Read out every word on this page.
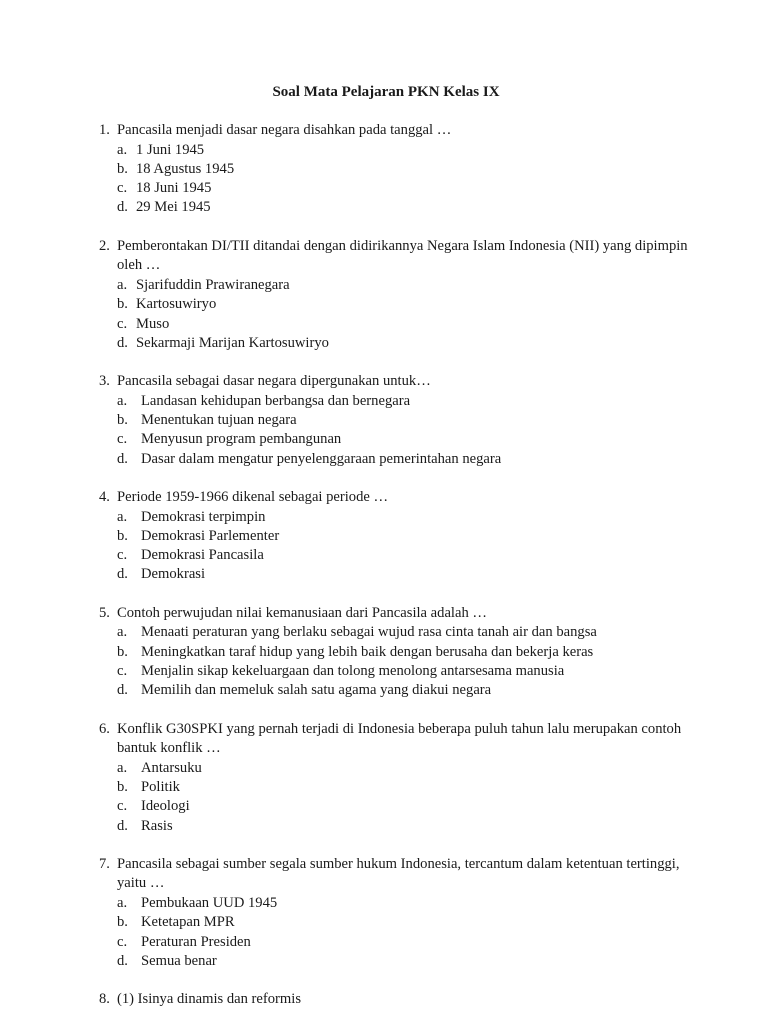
Soal Mata Pelajaran PKN Kelas IX
1. Pancasila menjadi dasar negara disahkan pada tanggal …
a. 1 Juni 1945
b. 18 Agustus 1945
c. 18 Juni 1945
d. 29 Mei 1945
2. Pemberontakan DI/TII ditandai dengan didirikannya Negara Islam Indonesia (NII) yang dipimpin oleh …
a. Sjarifuddin Prawiranegara
b. Kartosuwiryo
c. Muso
d. Sekarmaji Marijan Kartosuwiryo
3. Pancasila sebagai dasar negara dipergunakan untuk…
a. Landasan kehidupan berbangsa dan bernegara
b. Menentukan tujuan negara
c. Menyusun program pembangunan
d. Dasar dalam mengatur penyelenggaraan pemerintahan negara
4. Periode 1959-1966 dikenal sebagai periode …
a. Demokrasi terpimpin
b. Demokrasi Parlementer
c. Demokrasi Pancasila
d. Demokrasi
5. Contoh perwujudan nilai kemanusiaan dari Pancasila adalah …
a. Menaati peraturan yang berlaku sebagai wujud rasa cinta tanah air dan bangsa
b. Meningkatkan taraf hidup yang lebih baik dengan berusaha dan bekerja keras
c. Menjalin sikap kekeluargaan dan tolong menolong antarsesama manusia
d. Memilih dan memeluk salah satu agama yang diakui negara
6. Konflik G30SPKI yang pernah terjadi di Indonesia beberapa puluh tahun lalu merupakan contoh bantuk konflik …
a. Antarsuku
b. Politik
c. Ideologi
d. Rasis
7. Pancasila sebagai sumber segala sumber hukum Indonesia, tercantum dalam ketentuan tertinggi, yaitu …
a. Pembukaan UUD 1945
b. Ketetapan MPR
c. Peraturan Presiden
d. Semua benar
8. (1) Isinya dinamis dan reformis
